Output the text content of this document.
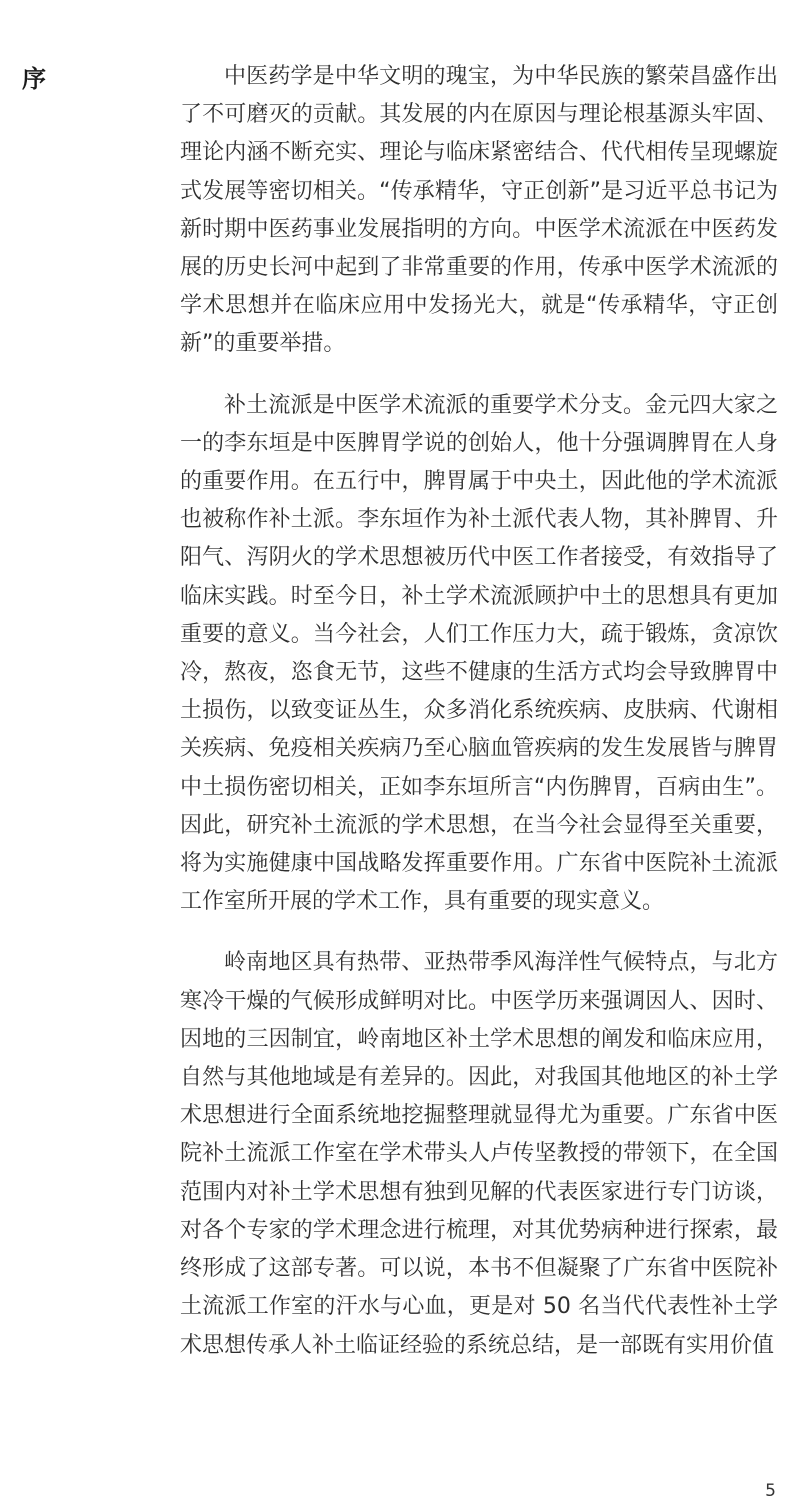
序	中医药学是中华文明的瑰宝，为中华民族的繁荣昌盛作出了不可磨灭的贡献。其发展的内在原因与理论根基源头牢固、理论内涵不断充实、理论与临床紧密结合、代代相传呈现螺旋式发展等密切相关。“传承精华，守正创新”是习近平总书记为新时期中医药事业发展指明的方向。中医学术流派在中医药发展的历史长河中起到了非常重要的作用，传承中医学术流派的学术思想并在临床应用中发扬光大，就是“传承精华，守正创新”的重要举措。

补土流派是中医学术流派的重要学术分支。金元四大家之一的李东垣是中医脾胃学说的创始人，他十分强调脾胃在人身的重要作用。在五行中，脾胃属于中央土，因此他的学术流派也被称作补土派。李东垣作为补土派代表人物，其补脾胃、升阳气、泻阴火的学术思想被历代中医工作者接受，有效指导了临床实践。时至今日，补土学术流派顾护中土的思想具有更加重要的意义。当今社会，人们工作压力大，疏于锻炼，贪凉饮冷，熬夜，恣食无节，这些不健康的生活方式均会导致脾胃中土损伤，以致变证丛生，众多消化系统疾病、皮肤病、代谢相关疾病、免疫相关疾病乃至心脑血管疾病的发生发展皆与脾胃中土损伤密切相关，正如李东垣所言“内伤脾胃，百病由生”。因此，研究补土流派的学术思想，在当今社会显得至关重要，将为实施健康中国战略发挥重要作用。广东省中医院补土流派工作室所开展的学术工作，具有重要的现实意义。

岭南地区具有热带、亚热带季风海洋性气候特点，与北方寒冷干燥的气候形成鲜明对比。中医学历来强调因人、因时、因地的三因制宜，岭南地区补土学术思想的阐发和临床应用，自然与其他地域是有差异的。因此，对我国其他地区的补土学术思想进行全面系统地挖掘整理就显得尤为重要。广东省中医院补土流派工作室在学术带头人卢传坚教授的带领下，在全国范围内对补土学术思想有独到见解的代表医家进行专门访谈，对各个专家的学术理念进行梳理，对其优势病种进行探索，最终形成了这部专著。可以说，本书不但凝聚了广东省中医院补土流派工作室的汗水与心血，更是对 50 名当代代表性补土学术思想传承人补土临证经验的系统总结，是一部既有实用价值

5
